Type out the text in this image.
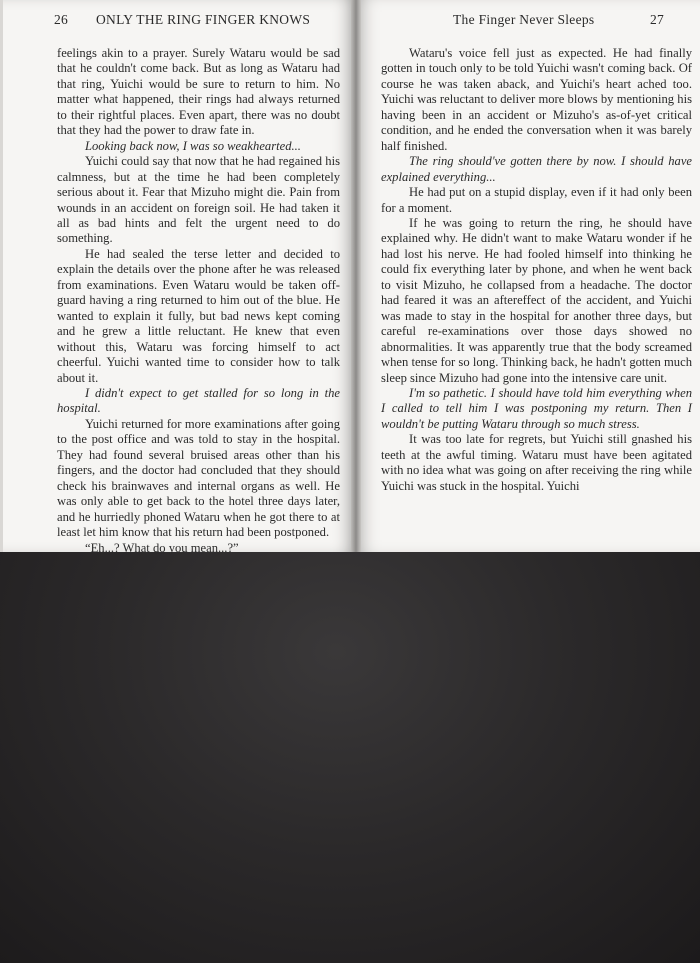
26 ONLY THE RING FINGER KNOWS

feelings akin to a prayer. Surely Wataru would be sad that he couldn't come back. But as long as Wataru had that ring, Yuichi would be sure to return to him. No matter what happened, their rings had always returned to their rightful places. Even apart, there was no doubt that they had the power to draw fate in.

Looking back now, I was so weakhearted...

Yuichi could say that now that he had regained his calmness, but at the time he had been completely serious about it. Fear that Mizuho might die. Pain from wounds in an accident on foreign soil. He had taken it all as bad hints and felt the urgent need to do something.

He had sealed the terse letter and decided to explain the details over the phone after he was released from examinations. Even Wataru would be taken off-guard having a ring returned to him out of the blue. He wanted to explain it fully, but bad news kept coming and he grew a little reluctant. He knew that even without this, Wataru was forcing himself to act cheerful. Yuichi wanted time to consider how to talk about it.

I didn't expect to get stalled for so long in the hospital.

Yuichi returned for more examinations after going to the post office and was told to stay in the hospital. They had found several bruised areas other than his fingers, and the doctor had concluded that they should check his brainwaves and internal organs as well. He was only able to get back to the hotel three days later, and he hurriedly phoned Wataru when he got there to at least let him know that his return had been postponed.

“Eh...? What do you mean...?”

The Finger Never Sleeps	27

Wataru's voice fell just as expected. He had finally gotten in touch only to be told Yuichi wasn't coming back. Of course he was taken aback, and Yuichi's heart ached too. Yuichi was reluctant to deliver more blows by mentioning his having been in an accident or Mizuho's as-of-yet critical condition, and he ended the conversation when it was barely half finished.

The ring should've gotten there by now. I should have explained everything...

He had put on a stupid display, even if it had only been for a moment.

If he was going to return the ring, he should have explained why. He didn't want to make Wataru wonder if he had lost his nerve. He had fooled himself into thinking he could fix everything later by phone, and when he went back to visit Mizuho, he collapsed from a headache. The doctor had feared it was an aftereffect of the accident, and Yuichi was made to stay in the hospital for another three days, but careful re-examinations over those days showed no abnormalities. It was apparently true that the body screamed when tense for so long. Thinking back, he hadn't gotten much sleep since Mizuho had gone into the intensive care unit.

I'm so pathetic. I should have told him everything when I called to tell him I was postponing my return. Then I wouldn't be putting Wataru through so much stress.

It was too late for regrets, but Yuichi still gnashed his teeth at the awful timing. Wataru must have been agitated with no idea what was going on after receiving the ring while Yuichi was stuck in the hospital. Yuichi
